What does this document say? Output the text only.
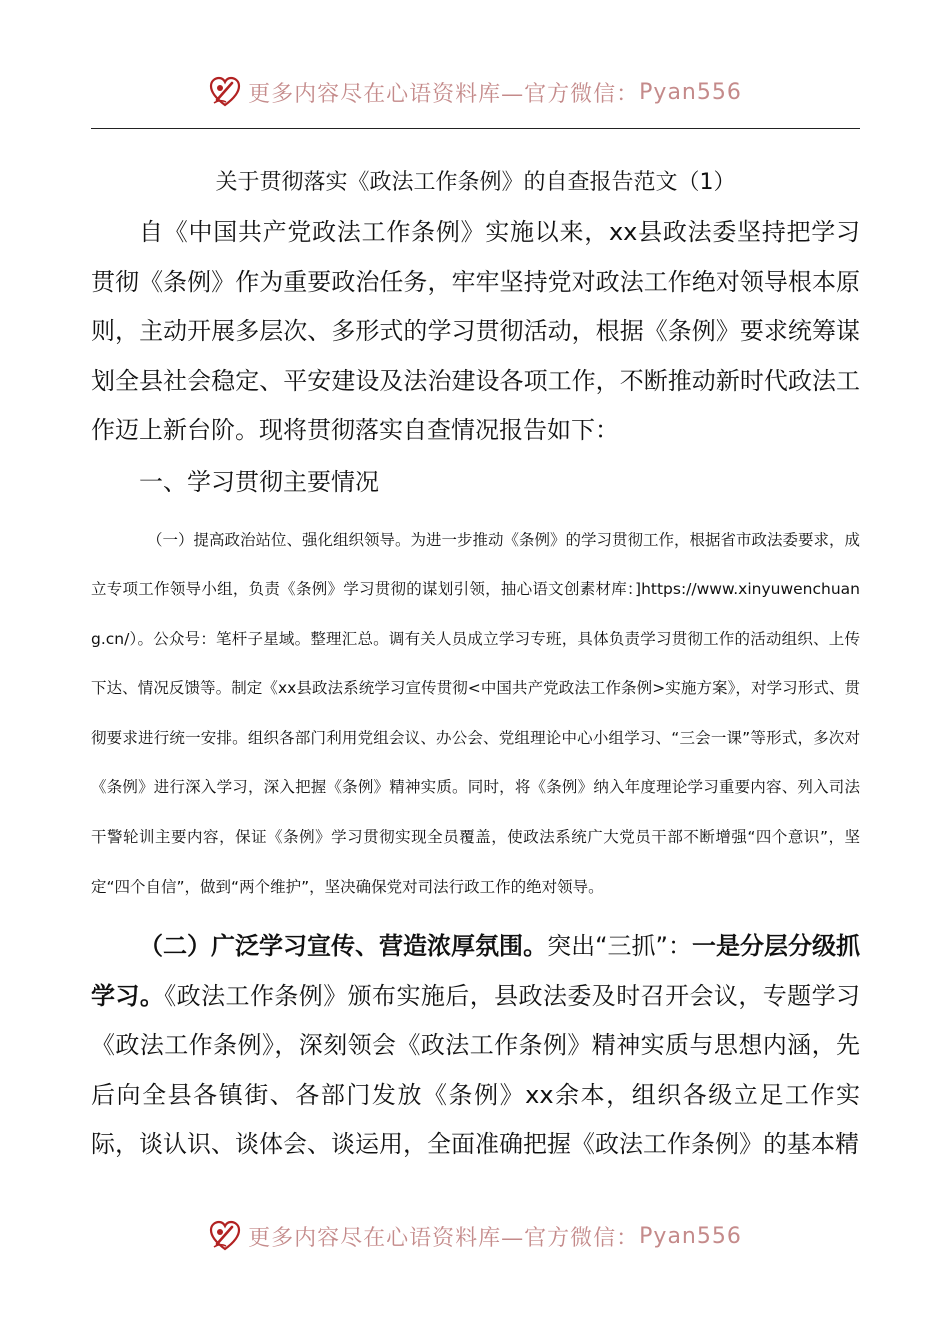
更多内容尽在心语资料库—官方微信： Pyan556
关于贯彻落实《政法工作条例》的自查报告范文（1）

自《中国共产党政法工作条例》实施以来，xx县政法委坚持把学习贯彻《条例》作为重要政治任务，牢牢坚持党对政法工作绝对领导根本原则，主动开展多层次、多形式的学习贯彻活动，根据《条例》要求统筹谋划全县社会稳定、平安建设及法治建设各项工作，不断推动新时代政法工作迈上新台阶。现将贯彻落实自查情况报告如下：

一、学习贯彻主要情况

（一）提高政治站位、强化组织领导。为进一步推动《条例》的学习贯彻工作，根据省市政法委要求，成立专项工作领导小组，负责《条例》学习贯彻的谋划引领，抽心语文创素材库：]https://www.xinyuwenchuang.cn/）。公众号：笔杆子星域。整理汇总。调有关人员成立学习专班，具体负责学习贯彻工作的活动组织、上传下达、情况反馈等。制定《xx县政法系统学习宣传贯彻<中国共产党政法工作条例>实施方案》，对学习形式、贯彻要求进行统一安排。组织各部门利用党组会议、办公会、党组理论中心小组学习、“三会一课”等形式，多次对《条例》进行深入学习，深入把握《条例》精神实质。同时，将《条例》纳入年度理论学习重要内容、列入司法干警轮训主要内容，保证《条例》学习贯彻实现全员覆盖，使政法系统广大党员干部不断增强“四个意识”，坚定“四个自信”，做到“两个维护”，坚决确保党对司法行政工作的绝对领导。

（二）广泛学习宣传、营造浓厚氛围。突出“三抓”：一是分层分级抓学习。《政法工作条例》颁布实施后，县政法委及时召开会议，专题学习《政法工作条例》，深刻领会《政法工作条例》精神实质与思想内涵，先后向全县各镇街、各部门发放《条例》xx余本，组织各级立足工作实际，谈认识、谈体会、谈运用，全面准确把握《政法工作条例》的基本精

更多内容尽在心语资料库—官方微信： Pyan556
